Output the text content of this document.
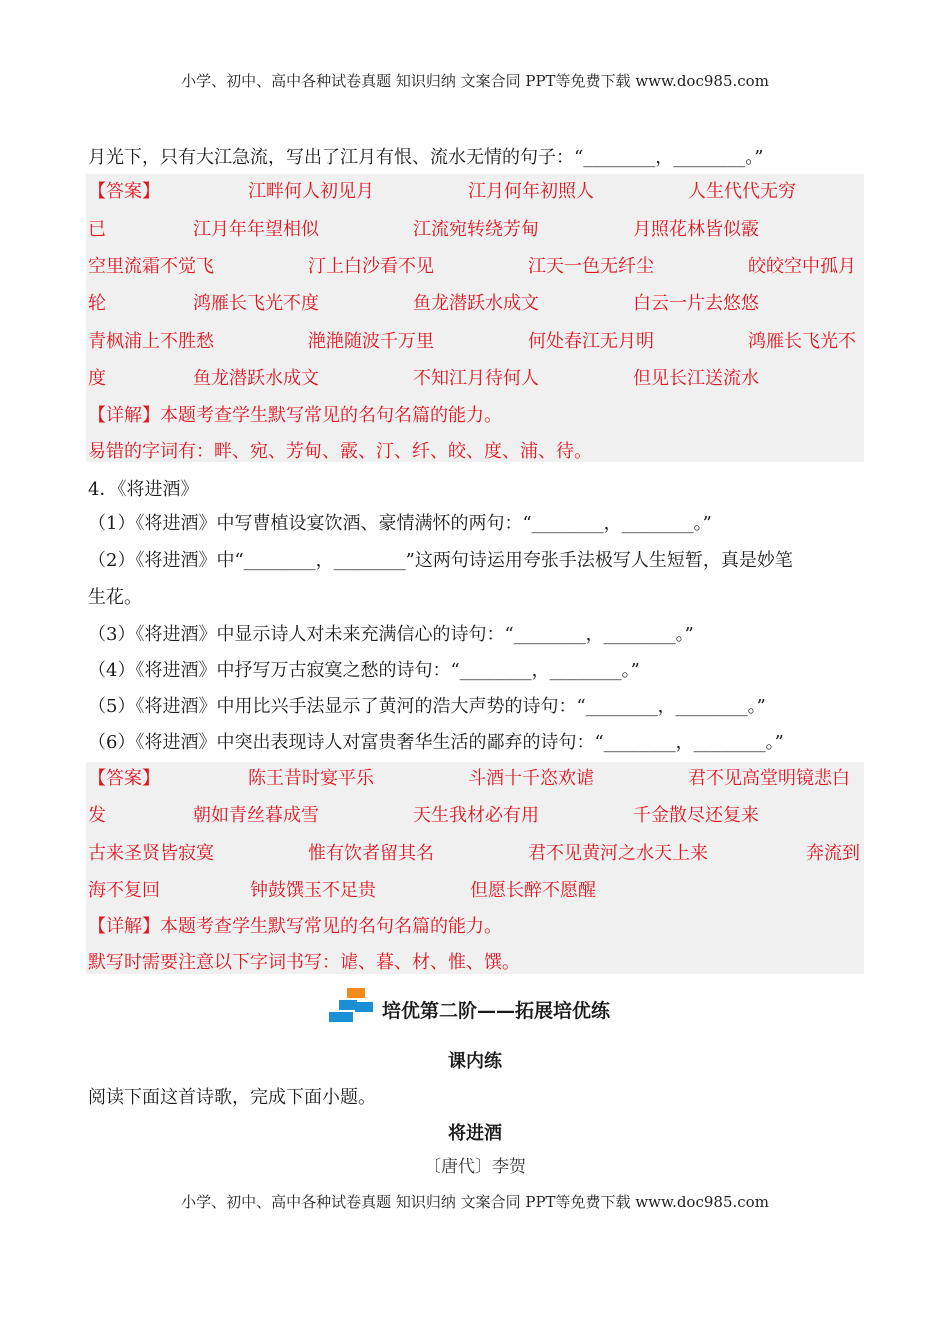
小学、初中、高中各种试卷真题 知识归纳 文案合同 PPT等免费下载 www.doc985.com
月光下，只有大江急流，写出了江月有恨、流水无情的句子：“________，________。”
【答案】	江畔何人初见月	江月何年初照人	人生代代无穷
已	江月年年望相似	江流宛转绕芳甸	月照花林皆似霰
空里流霜不觉飞	汀上白沙看不见	江天一色无纤尘	皎皎空中孤月
轮	鸿雁长飞光不度	鱼龙潜跃水成文	白云一片去悠悠
青枫浦上不胜愁	滟滟随波千万里	何处春江无月明	鸿雁长飞光不
度	鱼龙潜跃水成文	不知江月待何人	但见长江送流水
【详解】本题考查学生默写常见的名句名篇的能力。
易错的字词有：畔、宛、芳甸、霰、汀、纤、皎、度、浦、待。
4．《将进酒》
（1）《将进酒》中写曹植设宴饮酒、豪情满怀的两句：“________，________。”
（2）《将进酒》中“________，________”这两句诗运用夸张手法极写人生短暂，真是妙笔
生花。
（3）《将进酒》中显示诗人对未来充满信心的诗句：“________，________。”
（4）《将进酒》中抒写万古寂寞之愁的诗句：“________，________。”
（5）《将进酒》中用比兴手法显示了黄河的浩大声势的诗句：“________，________。”
（6）《将进酒》中突出表现诗人对富贵奢华生活的鄙弃的诗句：“________，________。”
【答案】	陈王昔时宴平乐	斗酒十千恣欢谑	君不见高堂明镜悲白
发	朝如青丝暮成雪	天生我材必有用	千金散尽还复来
古来圣贤皆寂寞	惟有饮者留其名	君不见黄河之水天上来	奔流到
海不复回	钟鼓馔玉不足贵	但愿长醉不愿醒
【详解】本题考查学生默写常见的名句名篇的能力。
默写时需要注意以下字词书写：谑、暮、材、惟、馔。
培优第二阶——拓展培优练
课内练
阅读下面这首诗歌，完成下面小题。
将进酒
〔唐代〕李贺
小学、初中、高中各种试卷真题 知识归纳 文案合同 PPT等免费下载 www.doc985.com
